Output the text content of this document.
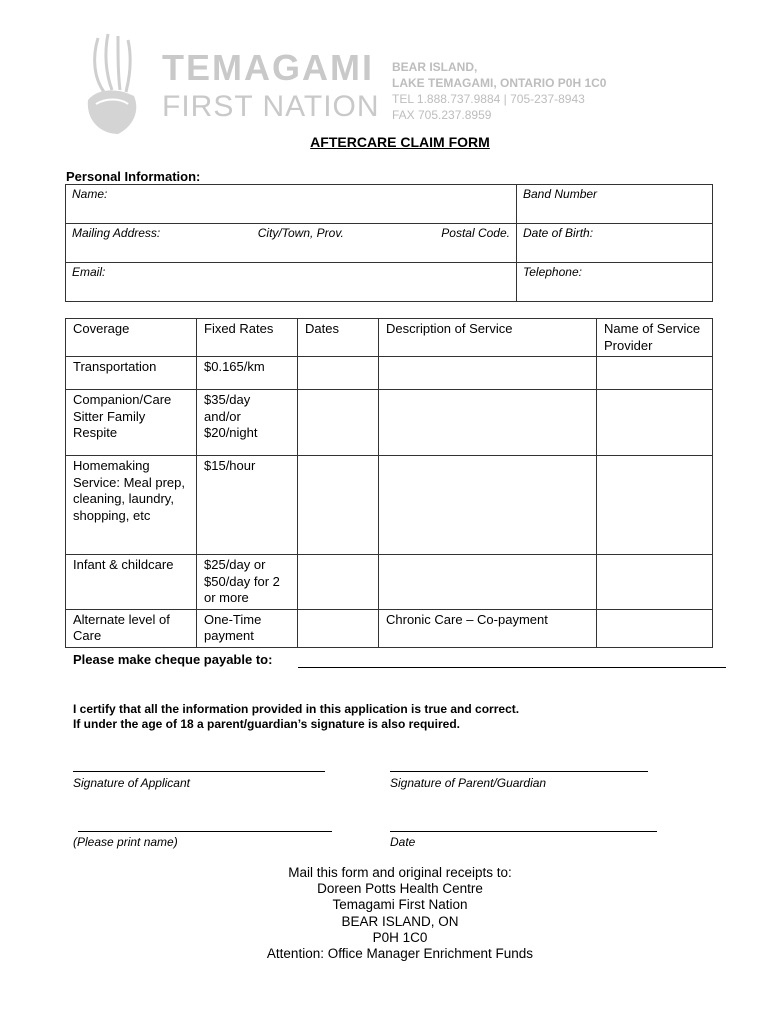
TEMAGAMI
FIRST NATION
BEAR ISLAND,
LAKE TEMAGAMI, ONTARIO P0H 1C0
TEL 1.888.737.9884 | 705-237-8943
FAX 705.237.8959
AFTERCARE CLAIM FORM
Personal Information:
Name:	Band Number

Mailing Address: City/Town, Prov. Postal Code.	Date of Birth:
Email:	Telephone:
Coverage	Fixed Rates	Dates	Description of Service	Name of Service Provider
Transportation	$0.165/km			
Companion/Care Sitter Family Respite	$35/day and/or $20/night			
Homemaking Service: Meal prep, cleaning, laundry, shopping, etc	$15/hour			
Infant & childcare	$25/day or $50/day for 2 or more			
Alternate level of Care	One-Time payment		Chronic Care – Co-payment	
Please make cheque payable to:
I certify that all the information provided in this application is true and correct.
If under the age of 18 a parent/guardian’s signature is also required.
Signature of Applicant	Signature of Parent/Guardian
(Please print name)	Date
Mail this form and original receipts to:
Doreen Potts Health Centre
Temagami First Nation
BEAR ISLAND, ON
P0H 1C0
Attention: Office Manager Enrichment Funds
